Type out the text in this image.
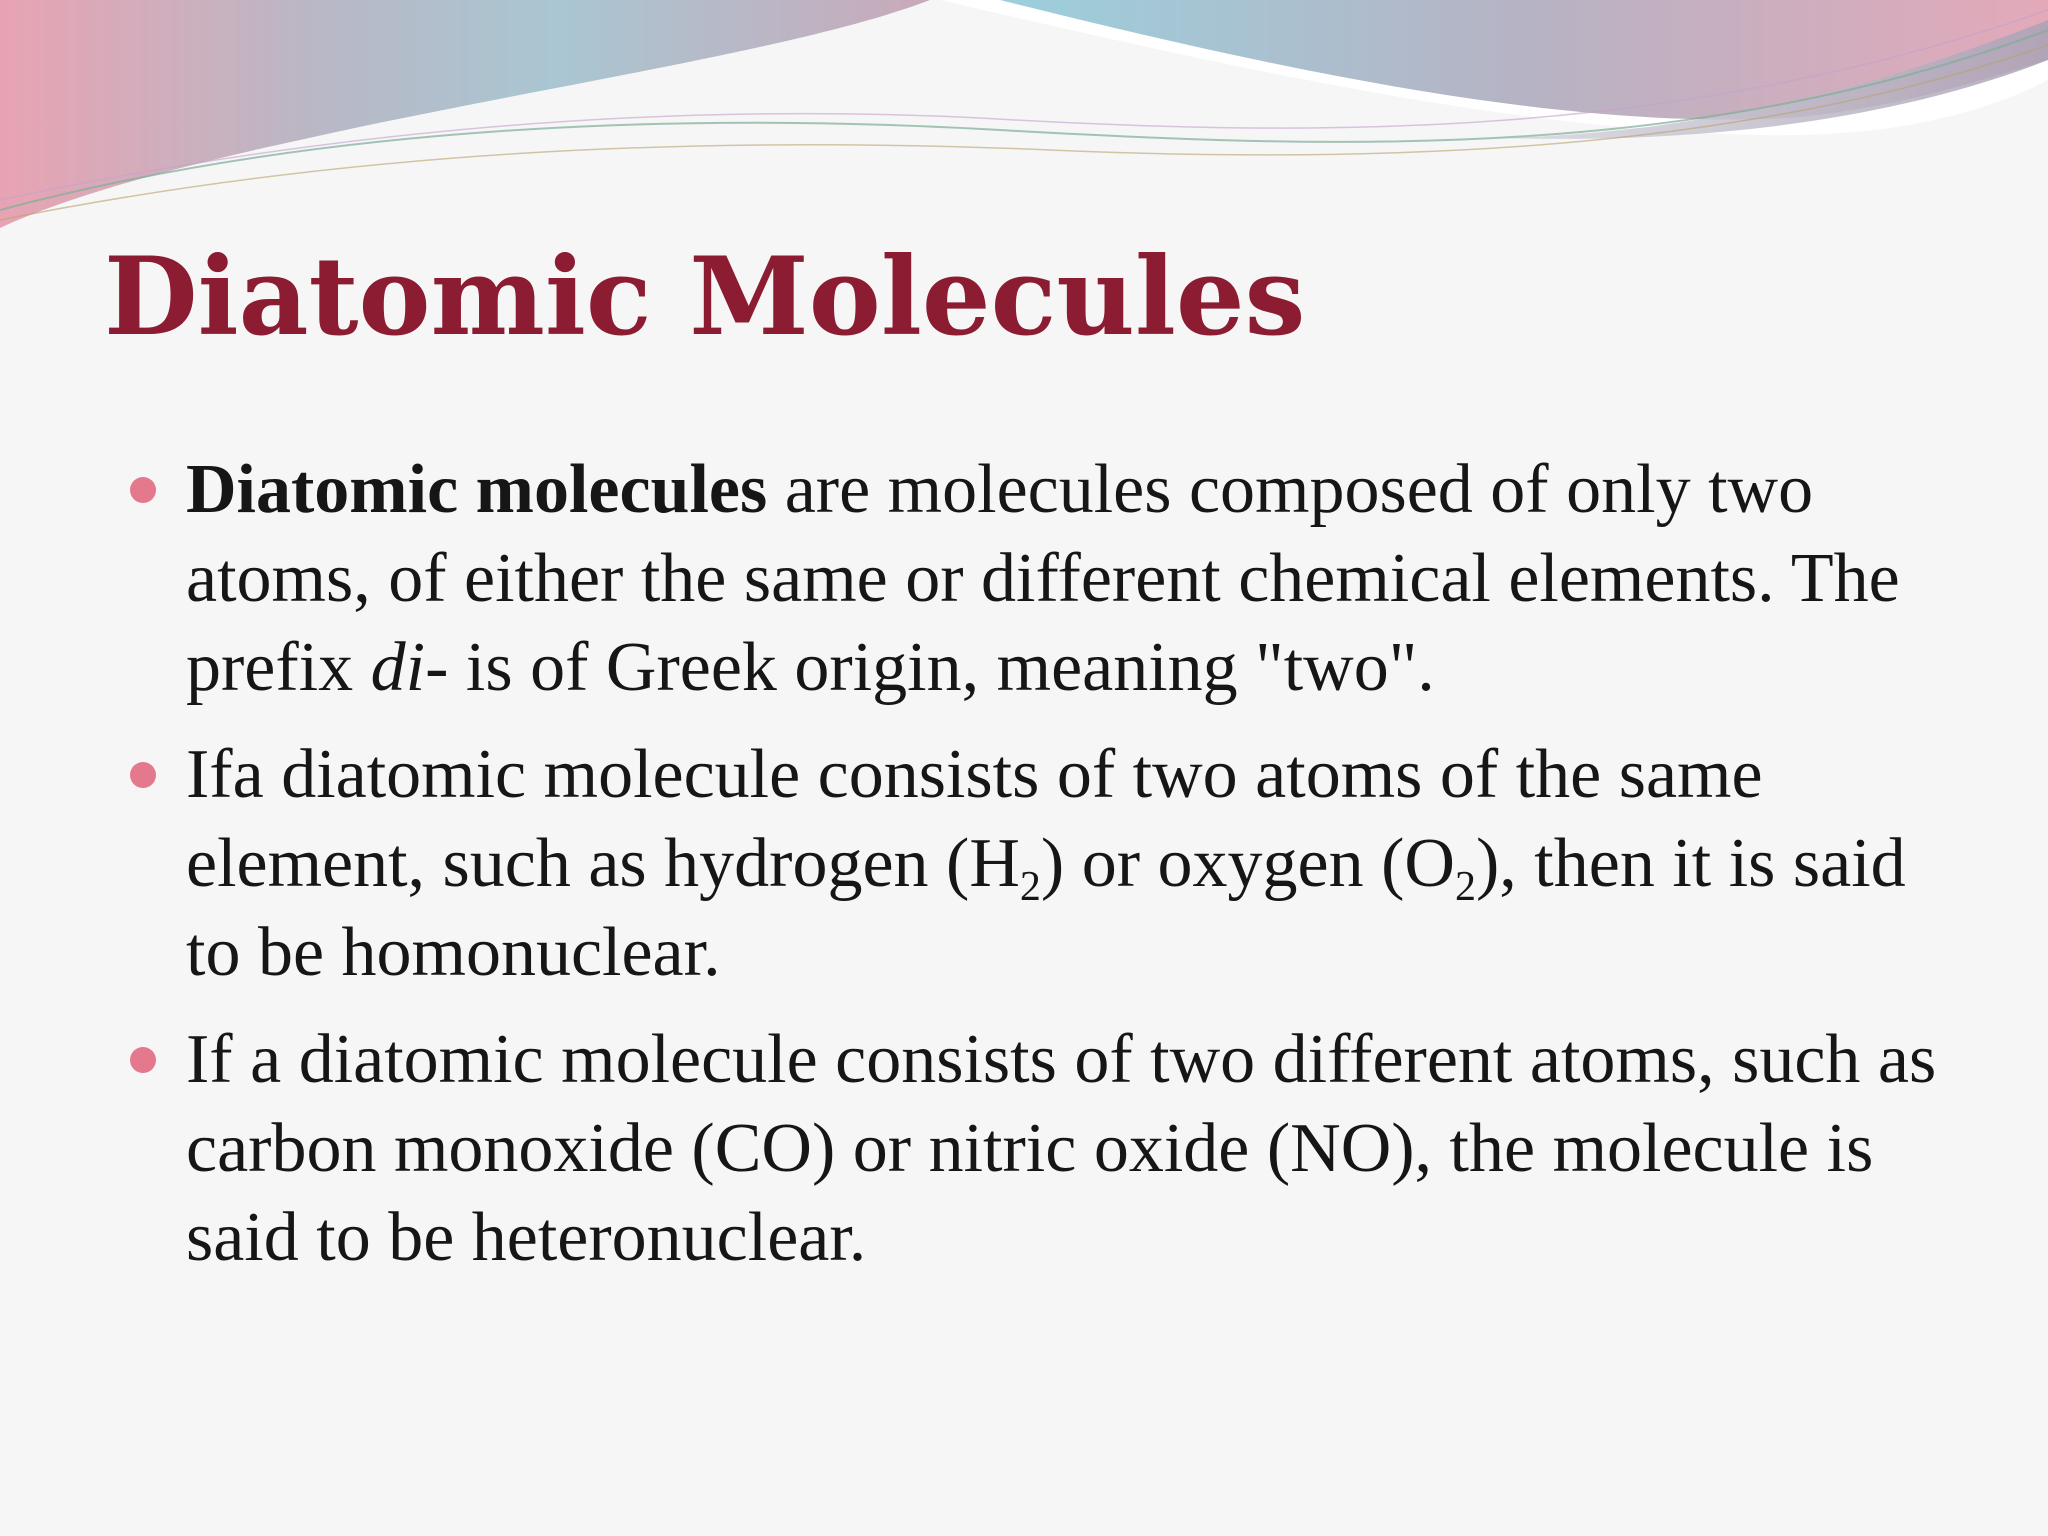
Diatomic Molecules
Diatomic molecules are molecules composed of only two atoms, of either the same or different chemical elements. The prefix di- is of Greek origin, meaning "two".
Ifa diatomic molecule consists of two atoms of the same element, such as hydrogen $(H_2)$ or oxygen $(O_2)$, then it is said to be homonuclear.
If a diatomic molecule consists of two different atoms, such as carbon monoxide (CO) or nitric oxide (NO), the molecule is said to be heteronuclear.
